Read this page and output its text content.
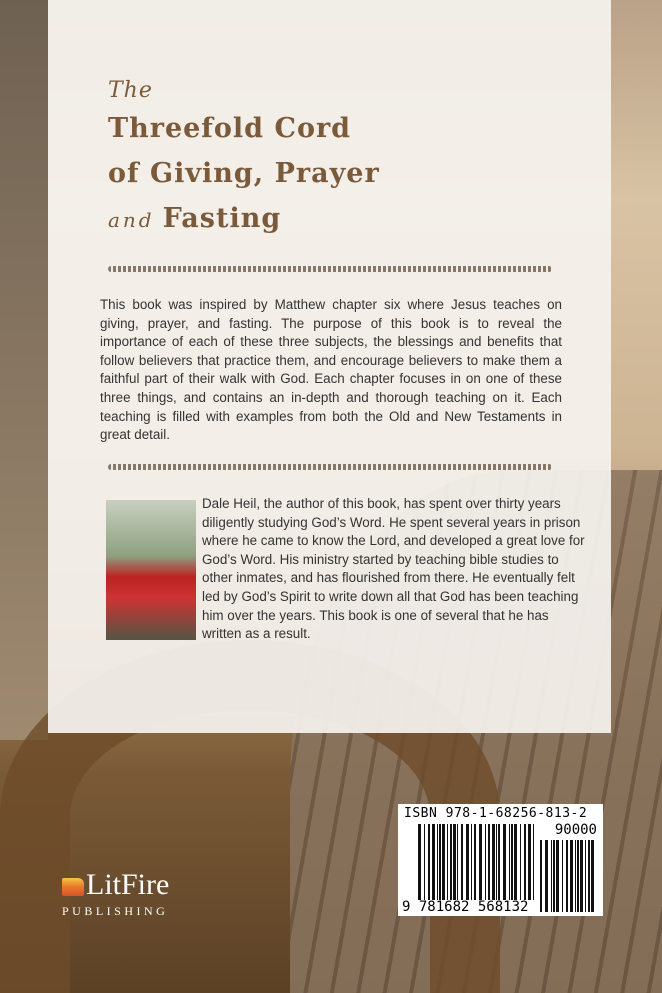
The
Threefold Cord
of Giving, Prayer
and Fasting

This book was inspired by Matthew chapter six where Jesus teaches on giving, prayer, and fasting. The purpose of this book is to reveal the importance of each of these three subjects, the blessings and benefits that follow believers that practice them, and encourage believers to make them a faithful part of their walk with God. Each chapter focuses in on one of these three things, and contains an in-depth and thorough teaching on it. Each teaching is filled with examples from both the Old and New Testaments in great detail.

Dale Heil, the author of this book, has spent over thirty years diligently studying God’s Word. He spent several years in prison where he came to know the Lord, and developed a great love for God’s Word. His ministry started by teaching bible studies to other inmates, and has flourished from there. He eventually felt led by God’s Spirit to write down all that God has been teaching him over the years. This book is one of several that he has written as a result.

ISBN 978-1-68256-813-2
90000
9 781682 568132
LitFire
PUBLISHING
